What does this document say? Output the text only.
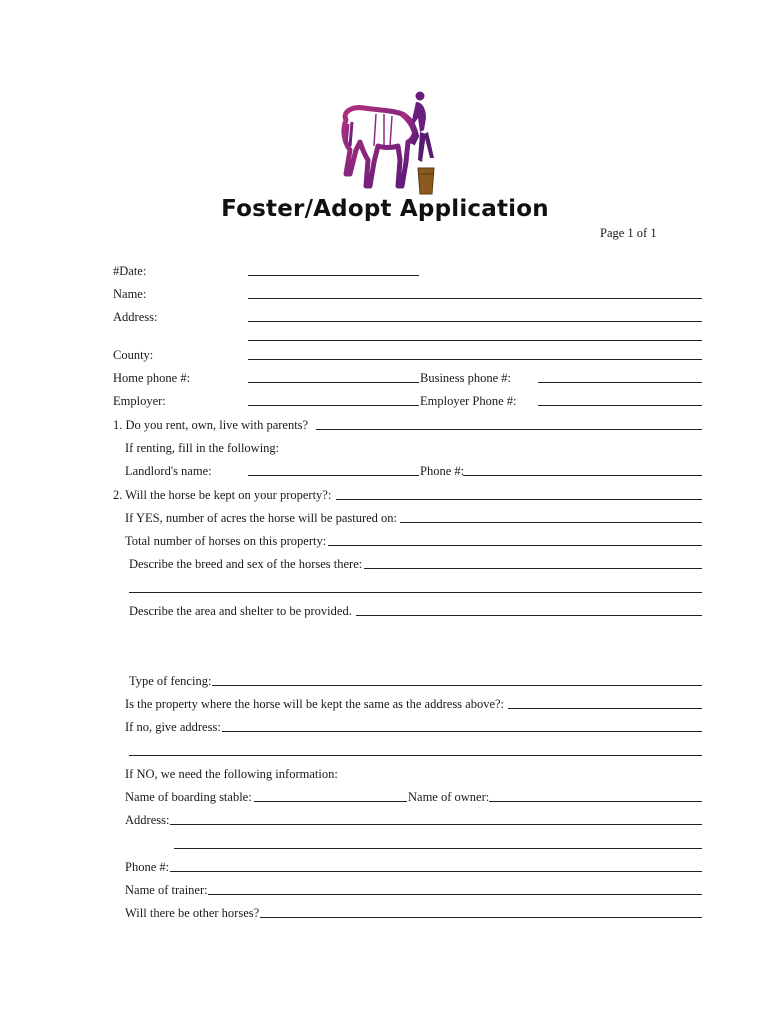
Foster/Adopt Application
Page 1 of 1
#Date:
Name:
Address:
County:
Home phone #:	Business phone #:
Employer:	Employer Phone #:
1. Do you rent, own, live with parents?
If renting, fill in the following:
Landlord's name:	Phone #:
2. Will the horse be kept on your property?:
If YES, number of acres the horse will be pastured on:
Total number of horses on this property:
Describe the breed and sex of the horses there:
Describe the area and shelter to be provided.
Type of fencing:
Is the property where the horse will be kept the same as the address above?:
If no, give address:
If NO, we need the following information:
Name of boarding stable:	Name of owner:
Address:
Phone #:
Name of trainer:
Will there be other horses?
